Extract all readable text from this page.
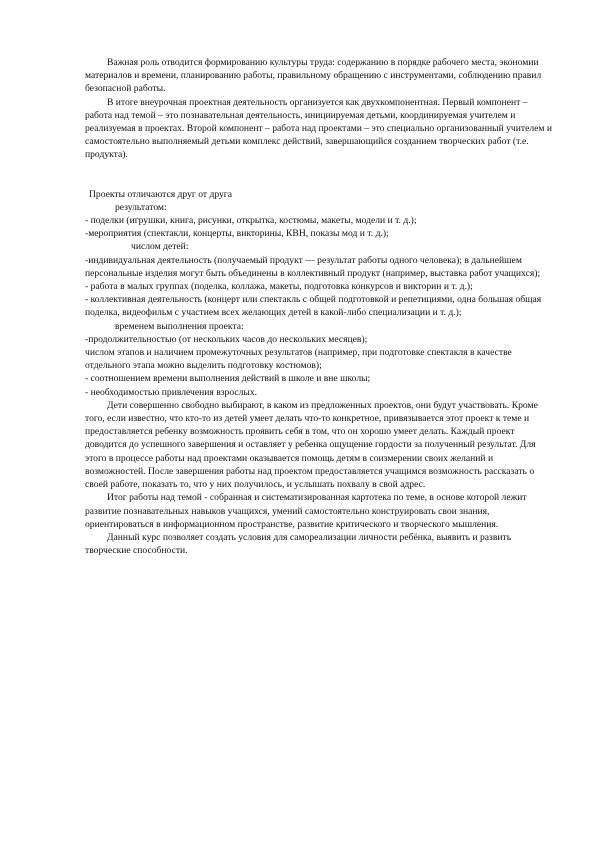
Важная роль отводится формированию культуры труда: содержанию в порядке рабочего места, экономии материалов и времени, планированию работы, правильному обращению с инструментами, соблюдению правил безопасной работы.

В итоге внеурочная проектная деятельность организуется как двухкомпонентная. Первый компонент – работа над темой – это познавательная деятельность, инициируемая детьми, координируемая учителем и реализуемая в проектах. Второй компонент – работа над проектами – это специально организованный учителем и самостоятельно выполняемый детьми комплекс действий, завершающийся созданием творческих работ (т.е. продукта).

Проекты отличаются друг от друга

результатом:

- поделки (игрушки, книга, рисунки, открытка, костюмы, макеты, модели и т. д.);

-мероприятия (спектакли, концерты, викторины, КВН, показы мод и т. д.);

числом детей:

-индивидуальная деятельность (получаемый продукт — результат работы одного человека); в дальнейшем персональные изделия могут быть объединены в коллективный продукт (например, выставка работ учащихся);

- работа в малых группах (поделка, коллажа, макеты, подготовка конкурсов и викторин и т. д.);

- коллективная деятельность (концерт или спектакль с общей подготовкой и репетициями, одна большая общая поделка, видеофильм с участием всех желающих детей в какой-либо специализации и т. д.);

временем выполнения проекта:

-продолжительностью (от нескольких часов до нескольких месяцев);

числом этапов и наличием промежуточных результатов (например, при подготовке спектакля в качестве отдельного этапа можно выделить подготовку костюмов);

- соотношением времени выполнения действий в школе и вне школы;

- необходимостью привлечения взрослых.

Дети совершенно свободно выбирают, в каком из предложенных проектов, они будут участвовать. Кроме того, если известно, что кто-то из детей умеет делать что-то конкретное, привязывается этот проект к теме и предоставляется ребенку возможность проявить себя в том, что он хорошо умеет делать. Каждый проект доводится до успешного завершения и оставляет у ребенка ощущение гордости за полученный результат. Для этого в процессе работы над проектами оказывается помощь детям в соизмерении своих желаний и возможностей. После завершения работы над проектом предоставляется учащимся возможность рассказать о своей работе, показать то, что у них получилось, и услышать похвалу в свой адрес.

Итог работы над темой - собранная и систематизированная картотека по теме, в основе которой лежит развитие познавательных навыков учащихся, умений самостоятельно конструировать свои знания, ориентироваться в информационном пространстве, развитие критического и творческого мышления.

Данный курс позволяет создать условия для самореализации личности ребёнка, выявить и развить творческие способности.
